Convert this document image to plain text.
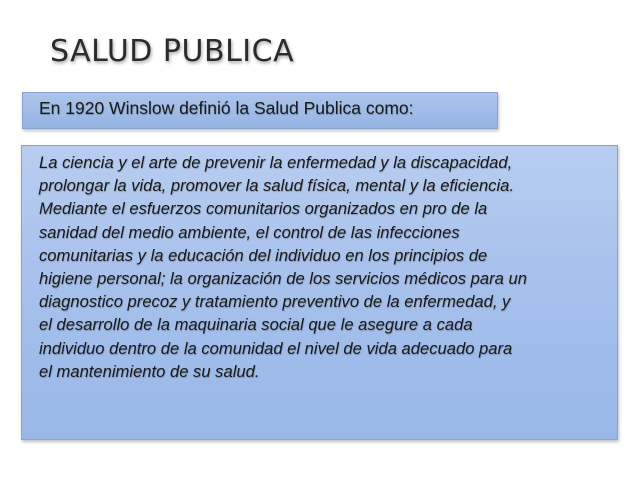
SALUD PUBLICA
En 1920 Winslow definió la Salud Publica como:

La ciencia y el arte de prevenir la enfermedad y la discapacidad,
prolongar la vida, promover la salud física, mental y la eficiencia.
Mediante el esfuerzos comunitarios organizados en pro de la
sanidad del medio ambiente, el control de las infecciones
comunitarias y la educación del individuo en los principios de
higiene personal; la organización de los servicios médicos para un
diagnostico precoz y tratamiento preventivo de la enfermedad, y
el desarrollo de la maquinaria social que le asegure a cada
individuo dentro de la comunidad el nivel de vida adecuado para
el mantenimiento de su salud.
